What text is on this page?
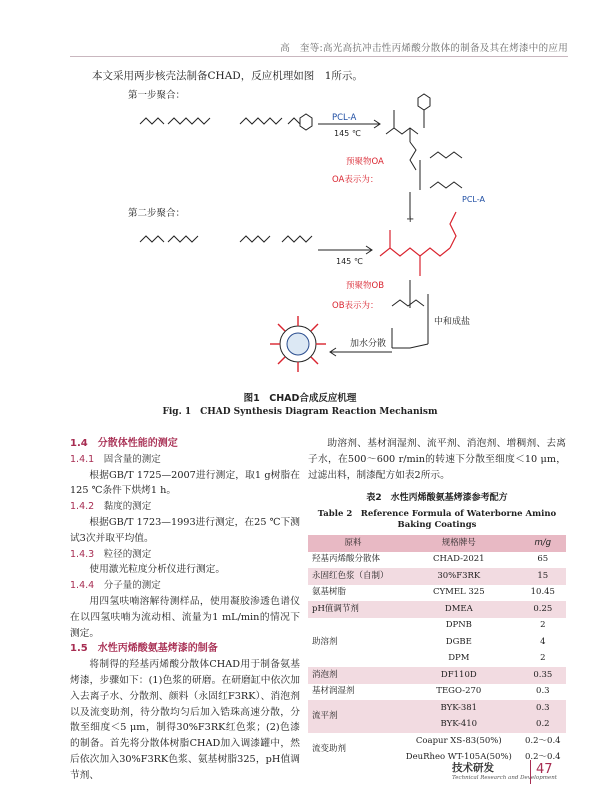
高　奎等:高光高抗冲击性丙烯酸分散体的制备及其在烤漆中的应用
本文采用两步核壳法制备CHAD，反应机理如图　1所示。
第一步聚合：
第二步聚合：
PCL-A
145 ℃
145 ℃
预聚物OA
OA表示为：
PCL-A
+
预聚物OB
OB表示为：
中和成盐
加水分散
图1　CHAD合成反应机理
Fig. 1　CHAD Synthesis Diagram Reaction Mechanism
1.4　分散体性能的测定
1.4.1　 固含量的测定

根据GB/T 1725—2007进行测定，取1 g树脂在125 ℃条件下烘烤1 h。

1.4.2　 黏度的测定

根据GB/T 1723—1993进行测定，在25 ℃下测试3次并取平均值。

1.4.3　 粒径的测定

使用激光粒度分析仪进行测定。

1.4.4　 分子量的测定

用四氢呋喃溶解待测样品，使用凝胶渗透色谱仪在以四氢呋喃为流动相、流量为1 mL/min的情况下测定。

1.5　水性丙烯酸氨基烤漆的制备

将制得的羟基丙烯酸分散体CHAD用于制备氨基烤漆，步骤如下：(1)色浆的研磨。在研磨缸中依次加入去离子水、分散剂、颜料（永固红F3RK）、消泡剂以及流变助剂，待分散均匀后加入锆珠高速分散，分散至细度＜5 μm，制得30%F3RK红色浆；(2)色漆的制备。首先将分散体树脂CHAD加入调漆罐中，然后依次加入30%F3RK色浆、氨基树脂325，pH值调节剂、

助溶剂、基材润湿剂、流平剂、消泡剂、增稠剂、去离子水，在500～600 r/min的转速下分散至细度＜10 μm，过滤出料，制漆配方如表2所示。

表2　水性丙烯酸氨基烤漆参考配方
Table 2　Reference Formula of Waterborne Amino Baking Coatings
原料	规格牌号	m/g
羟基丙烯酸分散体	CHAD-2021	65
永固红色浆（自制）	30%F3RK	15
氨基树脂	CYMEL 325	10.45
pH值调节剂	DMEA	0.25
助溶剂	DPNB	2
	DGBE	4
	DPM	2
消泡剂	DF110D	0.35
基材润湿剂	TEGO-270	0.3
流平剂	BYK-381	0.3
	BYK-410	0.2
流变助剂	Coapur XS-83(50%)	0.2～0.4
	DeuRheo WT-105A(50%)	0.2～0.4
技术研发
Technical Research and Development
47
